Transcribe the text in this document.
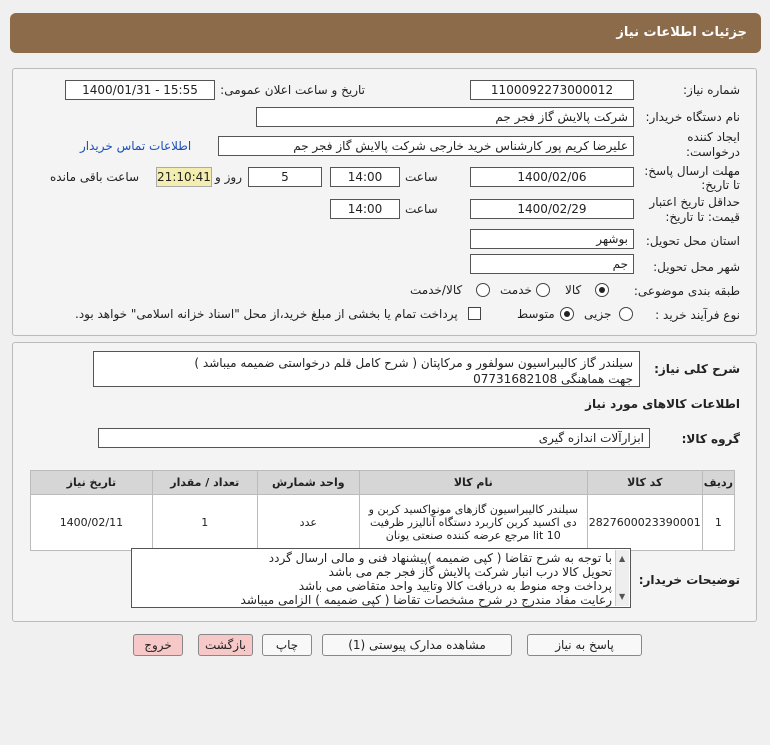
جزئیات اطلاعات نیاز
شماره نیاز:
1100092273000012
تاریخ و ساعت اعلان عمومی:
1400/01/31 - 15:55
نام دستگاه خریدار:
شرکت پالایش گاز فجر جم
ایجاد کننده
درخواست:
علیرضا کریم پور کارشناس خرید خارجی شرکت پالایش گاز فجر جم
اطلاعات تماس خریدار
مهلت ارسال پاسخ:
تا تاریخ:
1400/02/06
ساعت
14:00
5
روز و
21:10:41
ساعت باقی مانده
حداقل تاریخ اعتبار
قیمت: تا تاریخ:
1400/02/29
ساعت
14:00
استان محل تحویل:
بوشهر
شهر محل تحویل:
جم
طبقه بندی موضوعی:
کالا
خدمت
کالا/خدمت
نوع فرآیند خرید :
جزیی
متوسط
پرداخت تمام یا بخشی از مبلغ خرید،از محل "اسناد خزانه اسلامی" خواهد بود.
شرح کلی نیاز:
سیلندر گاز کالیبراسیون سولفور و مرکاپتان ( شرح کامل قلم درخواستی ضمیمه میباشد )
جهت هماهنگی 07731682108
اطلاعات کالاهای مورد نیاز
گروه کالا:
ابزارآلات اندازه گیری
ردیف	کد کالا	نام کالا	واحد شمارش	تعداد / مقدار	تاریخ نیاز
1	2827600023390001	سیلندر کالیبراسیون گازهای مونواکسید کربن و دی اکسید کربن کاربرد دستگاه آنالیزر ظرفیت 10 lit مرجع عرضه کننده صنعتی یونان	عدد	1	1400/02/11
توضیحات خریدار:
با توجه به شرح تقاضا ( کپی ضمیمه )پیشنهاد فنی و مالی ارسال گردد
تحویل کالا درب انبار شرکت پالایش گاز فجر جم می باشد
پرداخت وجه منوط به دریافت کالا وتایید واحد متقاضی می باشد
رعایت مفاد مندرج در شرح مشخصات تقاضا ( کپی ضمیمه ) الزامی میباشد
▲
▼
پاسخ به نیاز
مشاهده مدارک پیوستی (1)
چاپ
بازگشت
خروج
